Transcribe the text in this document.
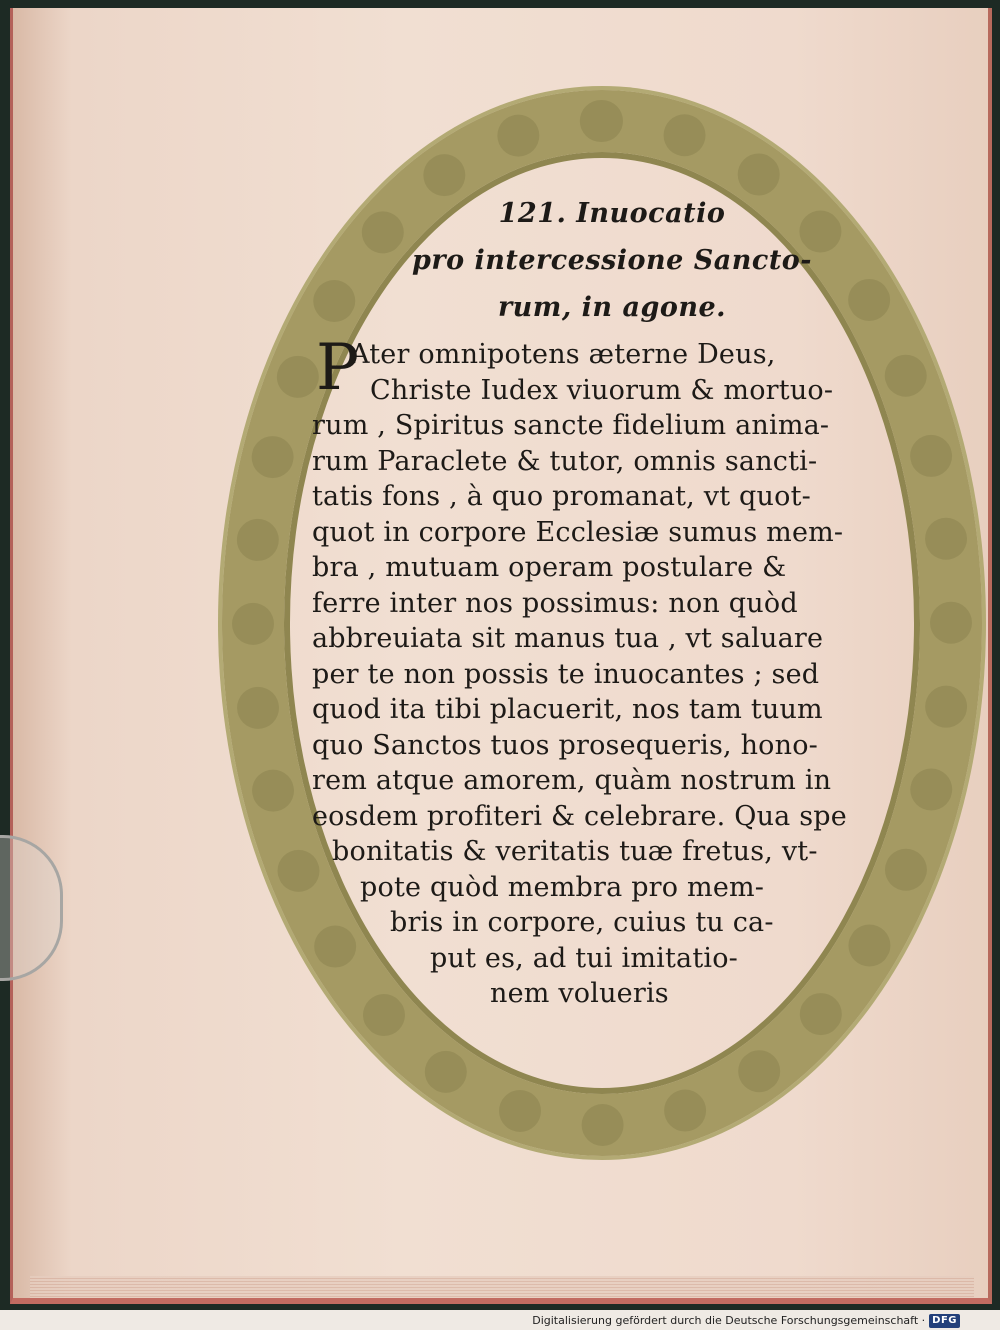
121. Inuocatio

pro intercessione Sancto-

rum, in agone.

P
Ater omnipotens æterne Deus,
Christe Iudex viuorum & mortuo-
rum , Spiritus sancte fidelium anima-
rum Paraclete & tutor, omnis sancti-
tatis fons , à quo promanat, vt quot-
quot in corpore Ecclesiæ sumus mem-
bra , mutuam operam postulare &
ferre inter nos possimus: non quòd
abbreuiata sit manus tua , vt saluare
per te non possis te inuocantes ; sed
quod ita tibi placuerit, nos tam tuum
quo Sanctos tuos prosequeris, hono-
rem atque amorem, quàm nostrum in
eosdem profiteri & celebrare. Qua spe
bonitatis & veritatis tuæ fretus, vt-
pote quòd membra pro mem-
bris in corpore, cuius tu ca-
put es, ad tui imitatio-
nem volueris
Digitalisierung gefördert durch die Deutsche Forschungsgemeinschaft · DFG
